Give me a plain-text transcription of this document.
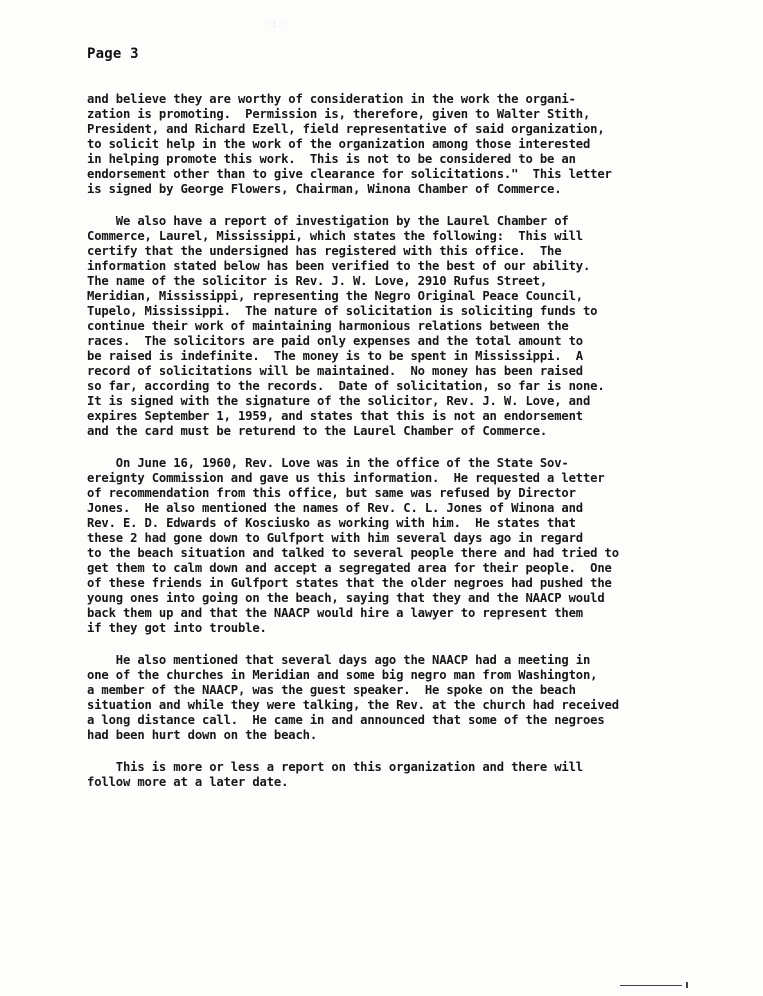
· : ·
Page 3
and believe they are worthy of consideration in the work the organi-
zation is promoting.  Permission is, therefore, given to Walter Stith,
President, and Richard Ezell, field representative of said organization,
to solicit help in the work of the organization among those interested
in helping promote this work.  This is not to be considered to be an
endorsement other than to give clearance for solicitations."  This letter
is signed by George Flowers, Chairman, Winona Chamber of Commerce.
We also have a report of investigation by the Laurel Chamber of
Commerce, Laurel, Mississippi, which states the following:  This will
certify that the undersigned has registered with this office.  The
information stated below has been verified to the best of our ability.
The name of the solicitor is Rev. J. W. Love, 2910 Rufus Street,
Meridian, Mississippi, representing the Negro Original Peace Council,
Tupelo, Mississippi.  The nature of solicitation is soliciting funds to
continue their work of maintaining harmonious relations between the
races.  The solicitors are paid only expenses and the total amount to
be raised is indefinite.  The money is to be spent in Mississippi.  A
record of solicitations will be maintained.  No money has been raised
so far, according to the records.  Date of solicitation, so far is none.
It is signed with the signature of the solicitor, Rev. J. W. Love, and
expires September 1, 1959, and states that this is not an endorsement
and the card must be returend to the Laurel Chamber of Commerce.
On June 16, 1960, Rev. Love was in the office of the State Sov-
ereignty Commission and gave us this information.  He requested a letter
of recommendation from this office, but same was refused by Director
Jones.  He also mentioned the names of Rev. C. L. Jones of Winona and
Rev. E. D. Edwards of Kosciusko as working with him.  He states that
these 2 had gone down to Gulfport with him several days ago in regard
to the beach situation and talked to several people there and had tried to
get them to calm down and accept a segregated area for their people.  One
of these friends in Gulfport states that the older negroes had pushed the
young ones into going on the beach, saying that they and the NAACP would
back them up and that the NAACP would hire a lawyer to represent them
if they got into trouble.
He also mentioned that several days ago the NAACP had a meeting in
one of the churches in Meridian and some big negro man from Washington,
a member of the NAACP, was the guest speaker.  He spoke on the beach
situation and while they were talking, the Rev. at the church had received
a long distance call.  He came in and announced that some of the negroes
had been hurt down on the beach.
This is more or less a report on this organization and there will
follow more at a later date.
